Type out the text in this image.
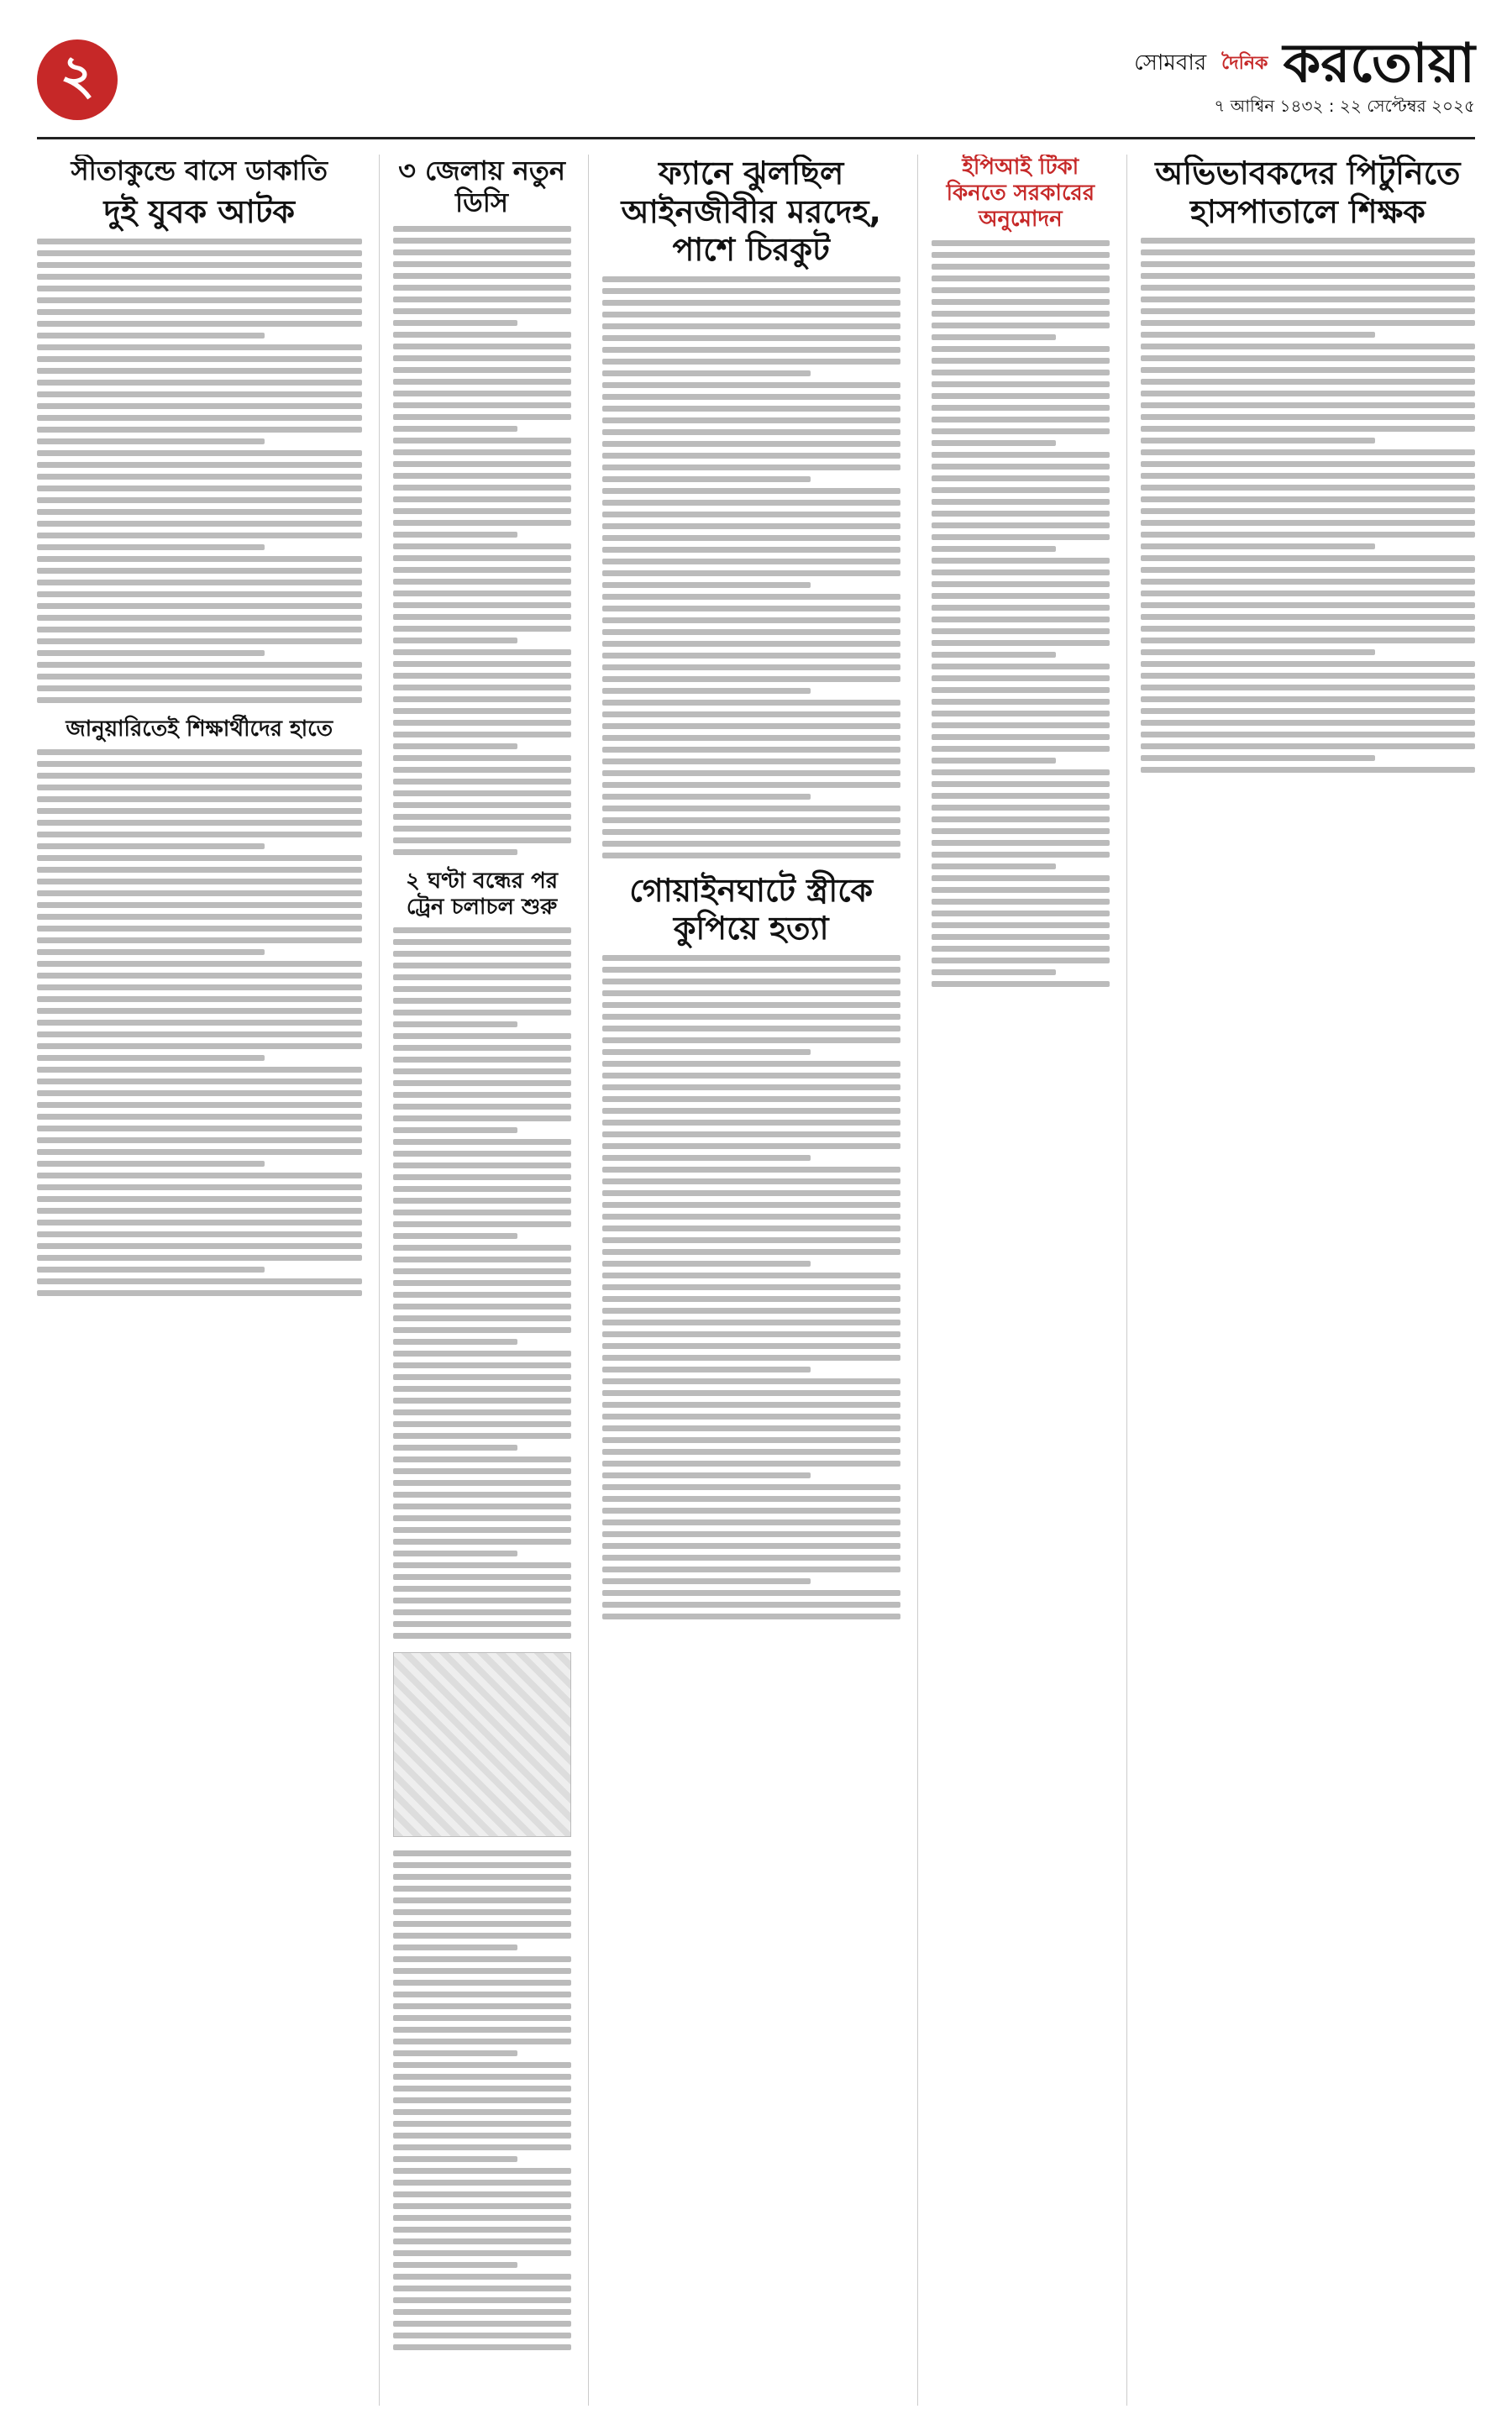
২	সোমবার দৈনিক করতোয়া
৭ আশ্বিন ১৪৩২ : ২২ সেপ্টেম্বর ২০২৫
সীতাকুন্ডে বাসে ডাকাতি
দুই যুবক আটক
জানুয়ারিতেই শিক্ষার্থীদের হাতে
৩ জেলায় নতুন ডিসি
২ ঘণ্টা বন্ধের পর ট্রেন চলাচল শুরু
ফ্যানে ঝুলছিল আইনজীবীর মরদেহ, পাশে চিরকুট
গোয়াইনঘাটে স্ত্রীকে কুপিয়ে হত্যা
ইপিআই টিকা কিনতে সরকারের অনুমোদন
অভিভাবকদের পিটুনিতে হাসপাতালে শিক্ষক
